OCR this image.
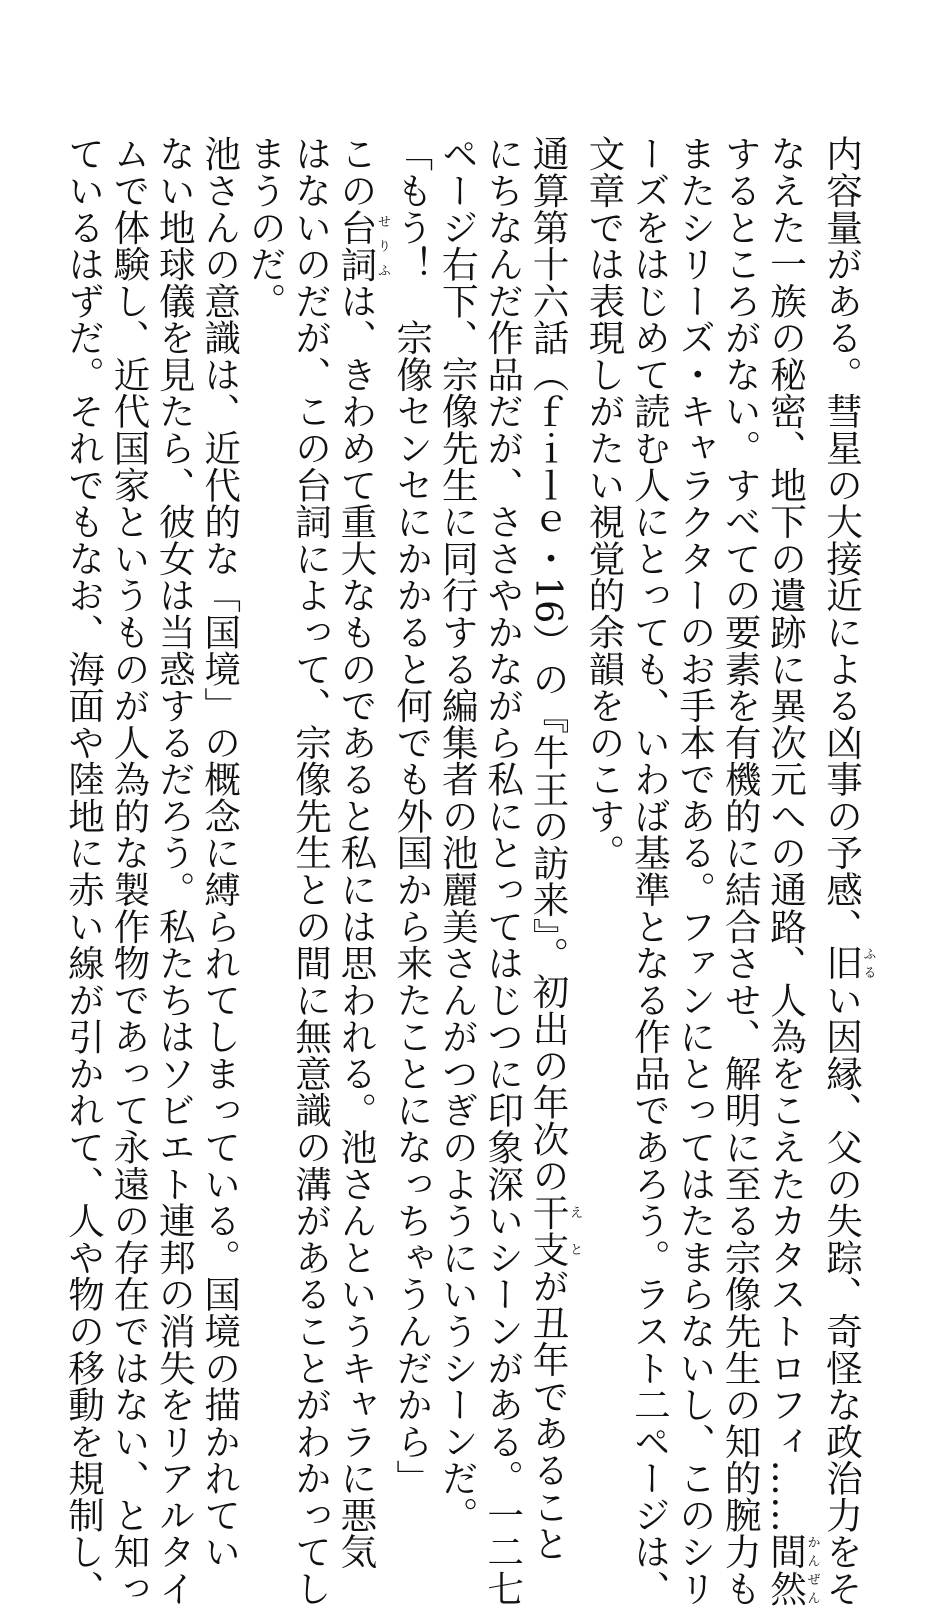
内容量がある。彗星の大接近による凶事の予感、旧ふるい因縁、父の失踪、奇怪な政治力をそ
なえた一族の秘密、地下の遺跡に異次元への通路、人為をこえたカタストロフィ……間然かんぜん
するところがない。すべての要素を有機的に結合させ、解明に至る宗像先生の知的腕力も
またシリーズ・キャラクターのお手本である。ファンにとってはたまらないし、このシリ
ーズをはじめて読む人にとっても、いわば基準となる作品であろう。ラスト二ページは、
文章では表現しがたい視覚的余韻をのこす。
通算第十六話（ｆｉｌｅ・16）の『牛王の訪来』。初出の年次の干支えとが丑年であること
にちなんだ作品だが、ささやかながら私にとってはじつに印象深いシーンがある。一二七
ページ右下、宗像先生に同行する編集者の池麗美さんがつぎのようにいうシーンだ。
「もう！　宗像センセにかかると何でも外国から来たことになっちゃうんだから」
この台詞せりふは、きわめて重大なものであると私には思われる。池さんというキャラに悪気
はないのだが、この台詞によって、宗像先生との間に無意識の溝があることがわかってし
まうのだ。
池さんの意識は、近代的な「国境」の概念に縛られてしまっている。国境の描かれてい
ない地球儀を見たら、彼女は当惑するだろう。私たちはソビエト連邦の消失をリアルタイ
ムで体験し、近代国家というものが人為的な製作物であって永遠の存在ではない、と知っ
ているはずだ。それでもなお、海面や陸地に赤い線が引かれて、人や物の移動を規制し、
